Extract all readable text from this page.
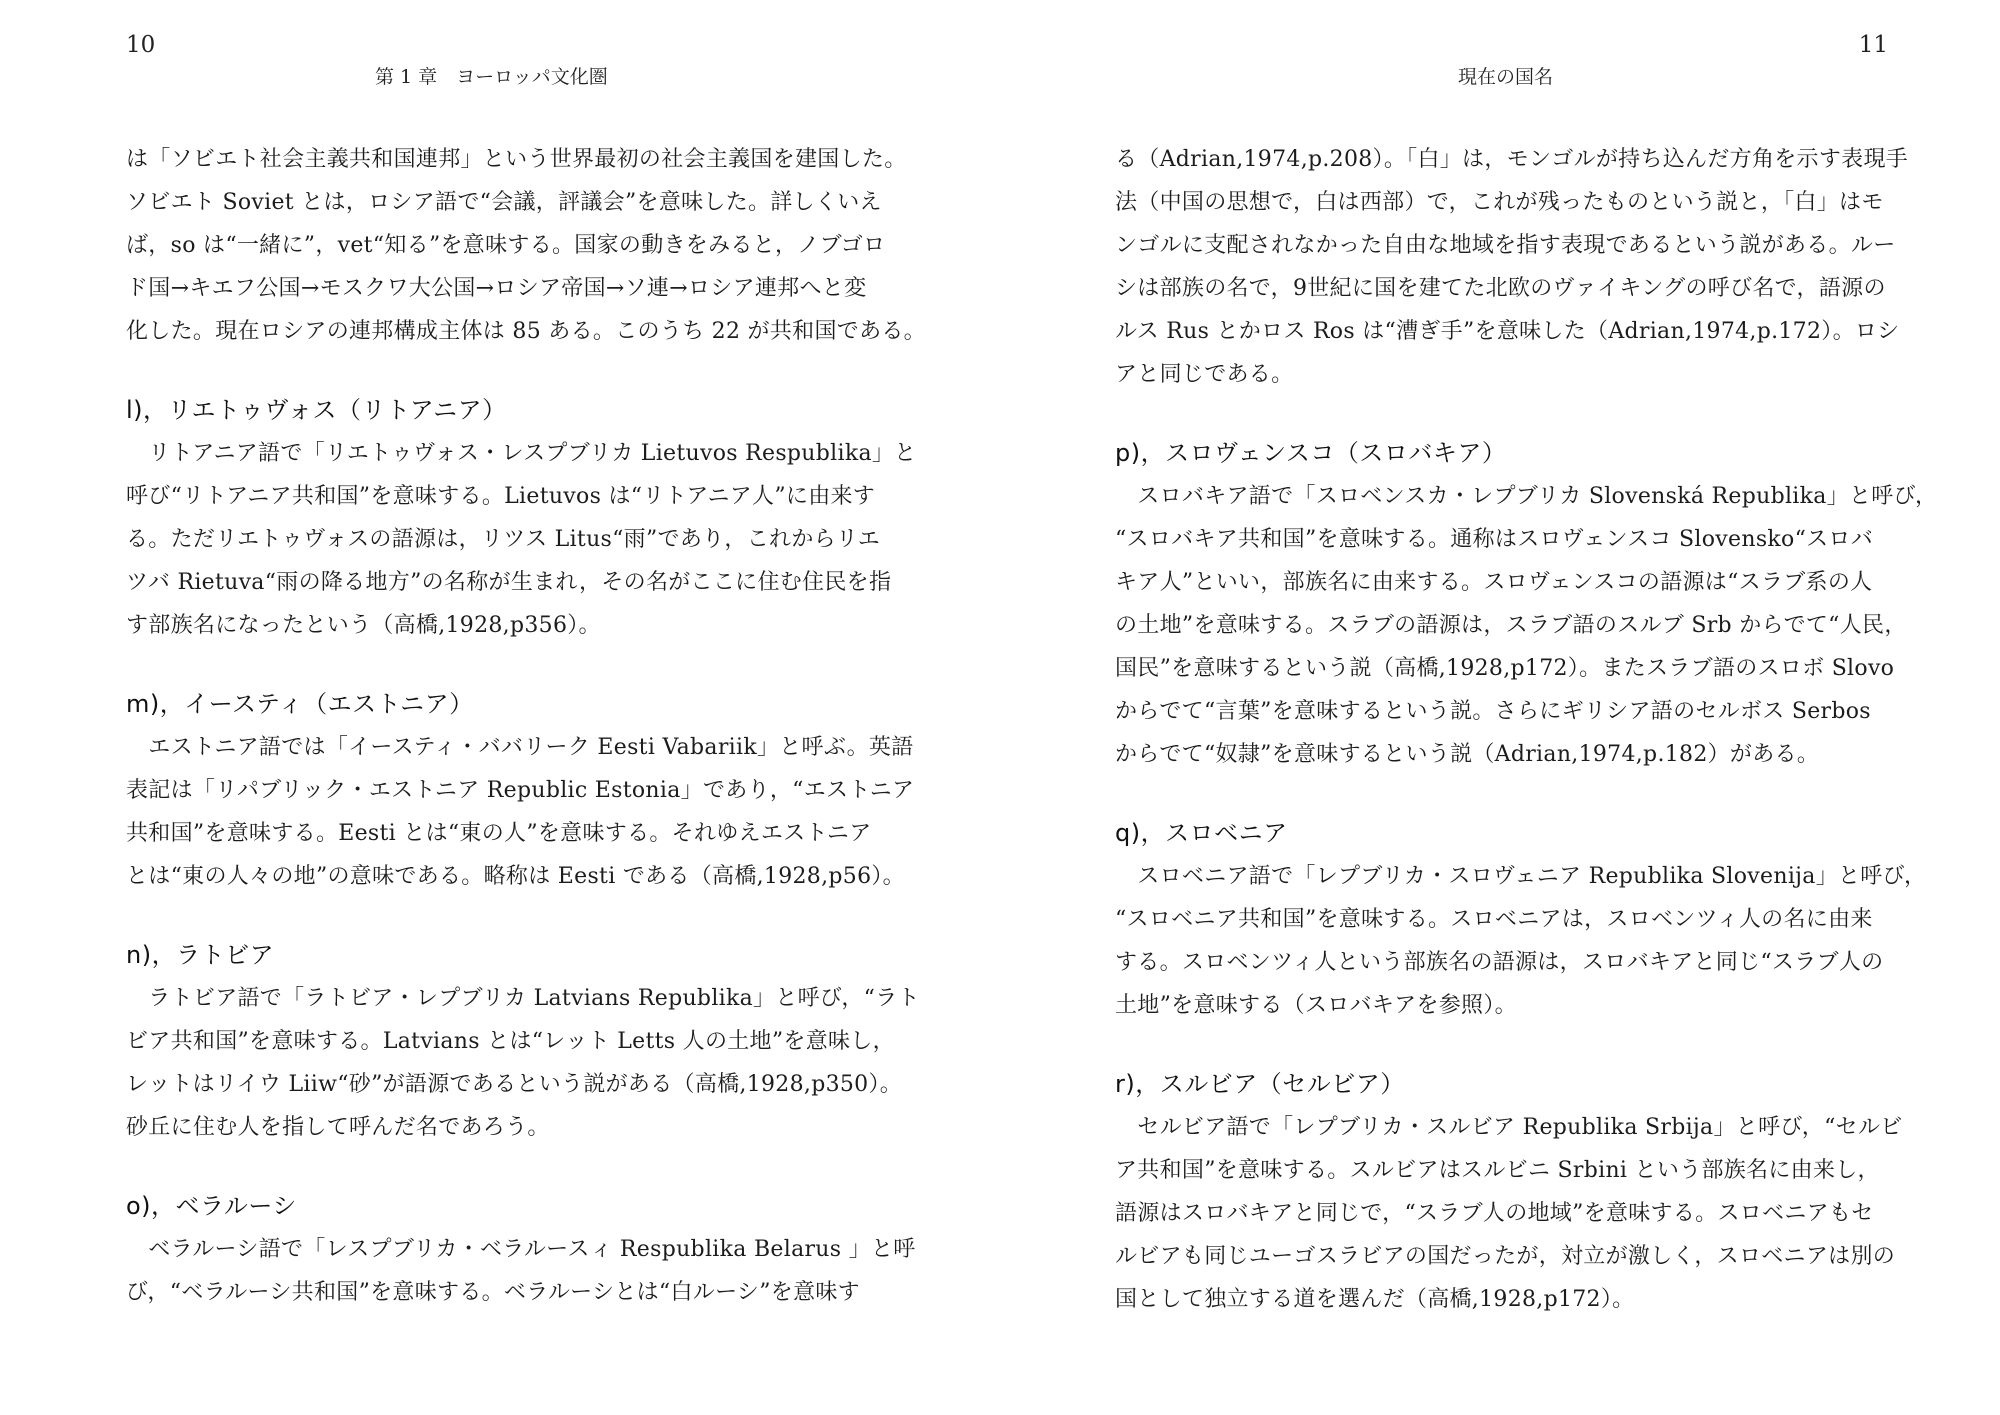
10
第 1 章　ヨーロッパ文化圏

は「ソビエト社会主義共和国連邦」という世界最初の社会主義国を建国した。
ソビエト Soviet とは，ロシア語で“会議，評議会”を意味した。詳しくいえ
ば，so は“一緒に”，vet“知る”を意味する。国家の動きをみると，ノブゴロ
ド国→キエフ公国→モスクワ大公国→ロシア帝国→ソ連→ロシア連邦へと変
化した。現在ロシアの連邦構成主体は 85 ある。このうち 22 が共和国である。

l)，リエトゥヴォス（リトアニア）

　リトアニア語で「リエトゥヴォス・レスプブリカ Lietuvos Respublika」と
呼び“リトアニア共和国”を意味する。Lietuvos は“リトアニア人”に由来す
る。ただリエトゥヴォスの語源は，リツス Litus“雨”であり，これからリエ
ツバ Rietuva“雨の降る地方”の名称が生まれ，その名がここに住む住民を指
す部族名になったという（高橋,1928,p356）。

m)，イースティ（エストニア）

　エストニア語では「イースティ・ババリーク Eesti Vabariik」と呼ぶ。英語
表記は「リパブリック・エストニア Republic Estonia」であり，“エストニア
共和国”を意味する。Eesti とは“東の人”を意味する。それゆえエストニア
とは“東の人々の地”の意味である。略称は Eesti である（高橋,1928,p56）。

n)，ラトビア

　ラトビア語で「ラトビア・レプブリカ Latvians Republika」と呼び，“ラト
ビア共和国”を意味する。Latvians とは“レット Letts 人の土地”を意味し，
レットはリイウ Liiw“砂”が語源であるという説がある（高橋,1928,p350）。
砂丘に住む人を指して呼んだ名であろう。

o)，ベラルーシ

　ベラルーシ語で「レスプブリカ・ベラルースィ Respublika Belarus 」と呼
び，“ベラルーシ共和国”を意味する。ベラルーシとは“白ルーシ”を意味す

11
現在の国名

る（Adrian,1974,p.208）。「白」は，モンゴルが持ち込んだ方角を示す表現手
法（中国の思想で，白は西部）で，これが残ったものという説と，「白」はモ
ンゴルに支配されなかった自由な地域を指す表現であるという説がある。ルー
シは部族の名で，9世紀に国を建てた北欧のヴァイキングの呼び名で，語源の
ルス Rus とかロス Ros は“漕ぎ手”を意味した（Adrian,1974,p.172）。ロシ
アと同じである。

p)，スロヴェンスコ（スロバキア）

　スロバキア語で「スロベンスカ・レプブリカ Slovenská Republika」と呼び，
“スロバキア共和国”を意味する。通称はスロヴェンスコ Slovensko“スロバ
キア人”といい，部族名に由来する。スロヴェンスコの語源は“スラブ系の人
の土地”を意味する。スラブの語源は，スラブ語のスルブ Srb からでて“人民，
国民”を意味するという説（高橋,1928,p172）。またスラブ語のスロボ Slovo
からでて“言葉”を意味するという説。さらにギリシア語のセルボス Serbos
からでて“奴隷”を意味するという説（Adrian,1974,p.182）がある。

q)，スロベニア

　スロベニア語で「レプブリカ・スロヴェニア Republika Slovenija」と呼び，
“スロベニア共和国”を意味する。スロベニアは，スロベンツィ人の名に由来
する。スロベンツィ人という部族名の語源は，スロバキアと同じ“スラブ人の
土地”を意味する（スロバキアを参照）。

r)，スルビア（セルビア）

　セルビア語で「レプブリカ・スルビア Republika Srbija」と呼び，“セルビ
ア共和国”を意味する。スルビアはスルビニ Srbini という部族名に由来し，
語源はスロバキアと同じで，“スラブ人の地域”を意味する。スロベニアもセ
ルビアも同じユーゴスラビアの国だったが，対立が激しく，スロベニアは別の
国として独立する道を選んだ（高橋,1928,p172）。
